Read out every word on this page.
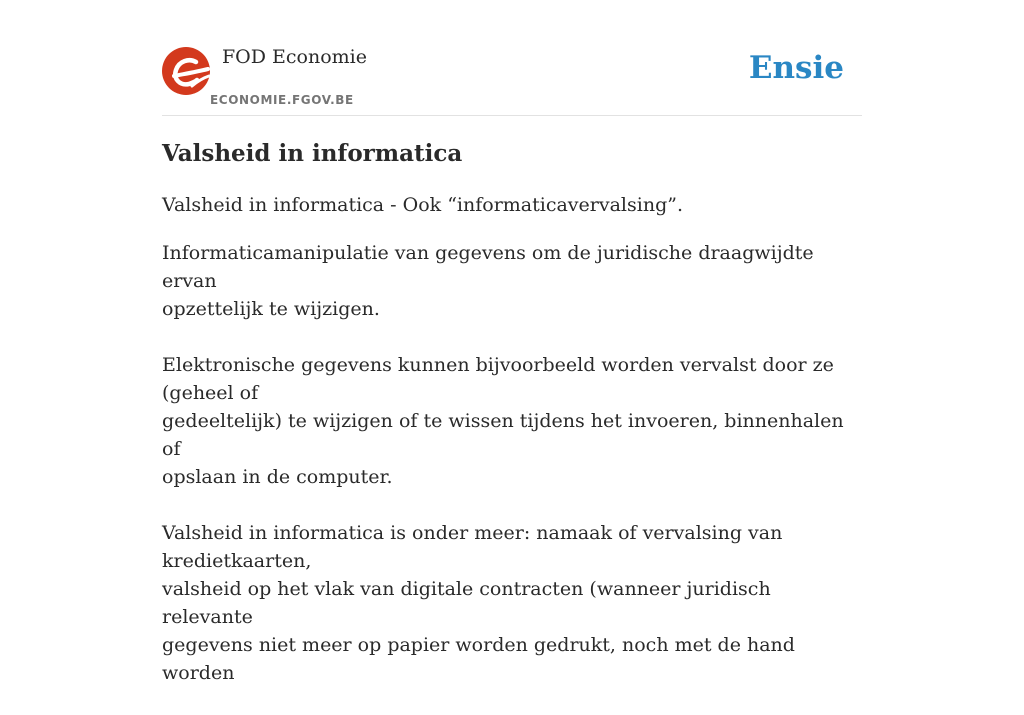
FOD Economie
ECONOMIE.FGOV.BE
Ensie
Valsheid in informatica

Valsheid in informatica - Ook “informaticavervalsing”.

Informaticamanipulatie van gegevens om de juridische draagwijdte ervan
opzettelijk te wijzigen.

Elektronische gegevens kunnen bijvoorbeeld worden vervalst door ze (geheel of
gedeeltelijk) te wijzigen of te wissen tijdens het invoeren, binnenhalen of
opslaan in de computer.

Valsheid in informatica is onder meer: namaak of vervalsing van kredietkaarten,
valsheid op het vlak van digitale contracten (wanneer juridisch relevante
gegevens niet meer op papier worden gedrukt, noch met de hand worden
